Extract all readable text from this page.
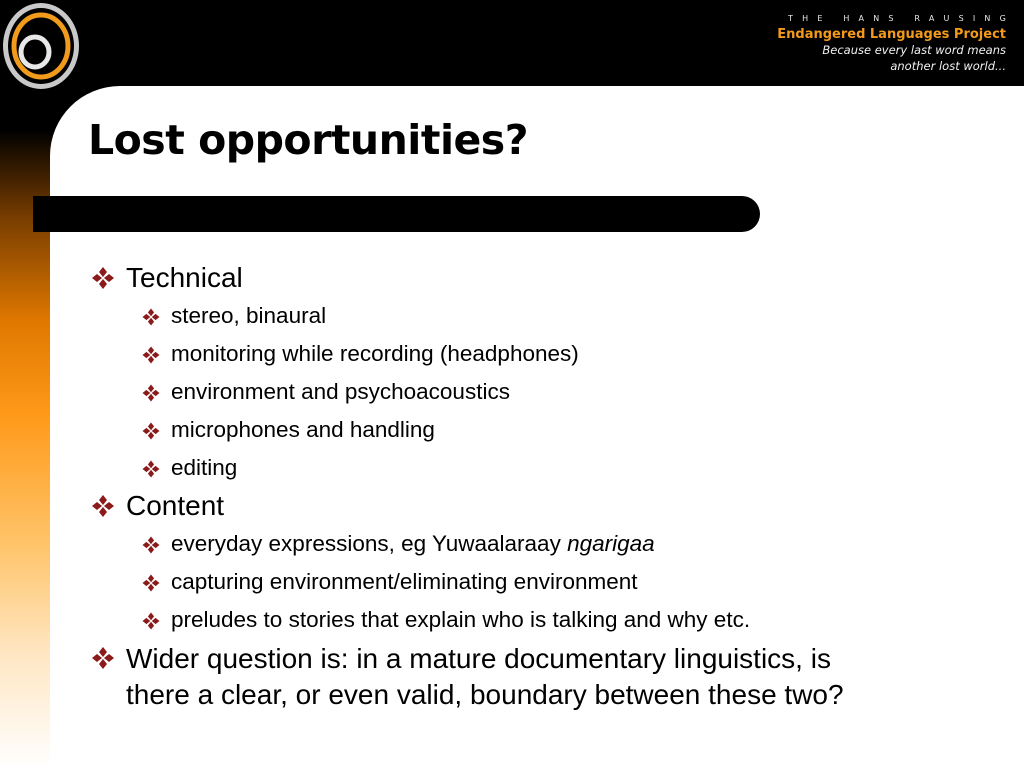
THE HANS RAUSING
Endangered Languages Project
Because every last word means
another lost world...
Lost opportunities?
Technical
stereo, binaural
monitoring while recording (headphones)
environment and psychoacoustics
microphones and handling
editing
Content
everyday expressions, eg Yuwaalaraay ngarigaa
capturing environment/eliminating environment
preludes to stories that explain who is talking and why etc.
Wider question is: in a mature documentary linguistics, is
there a clear, or even valid, boundary between these two?
